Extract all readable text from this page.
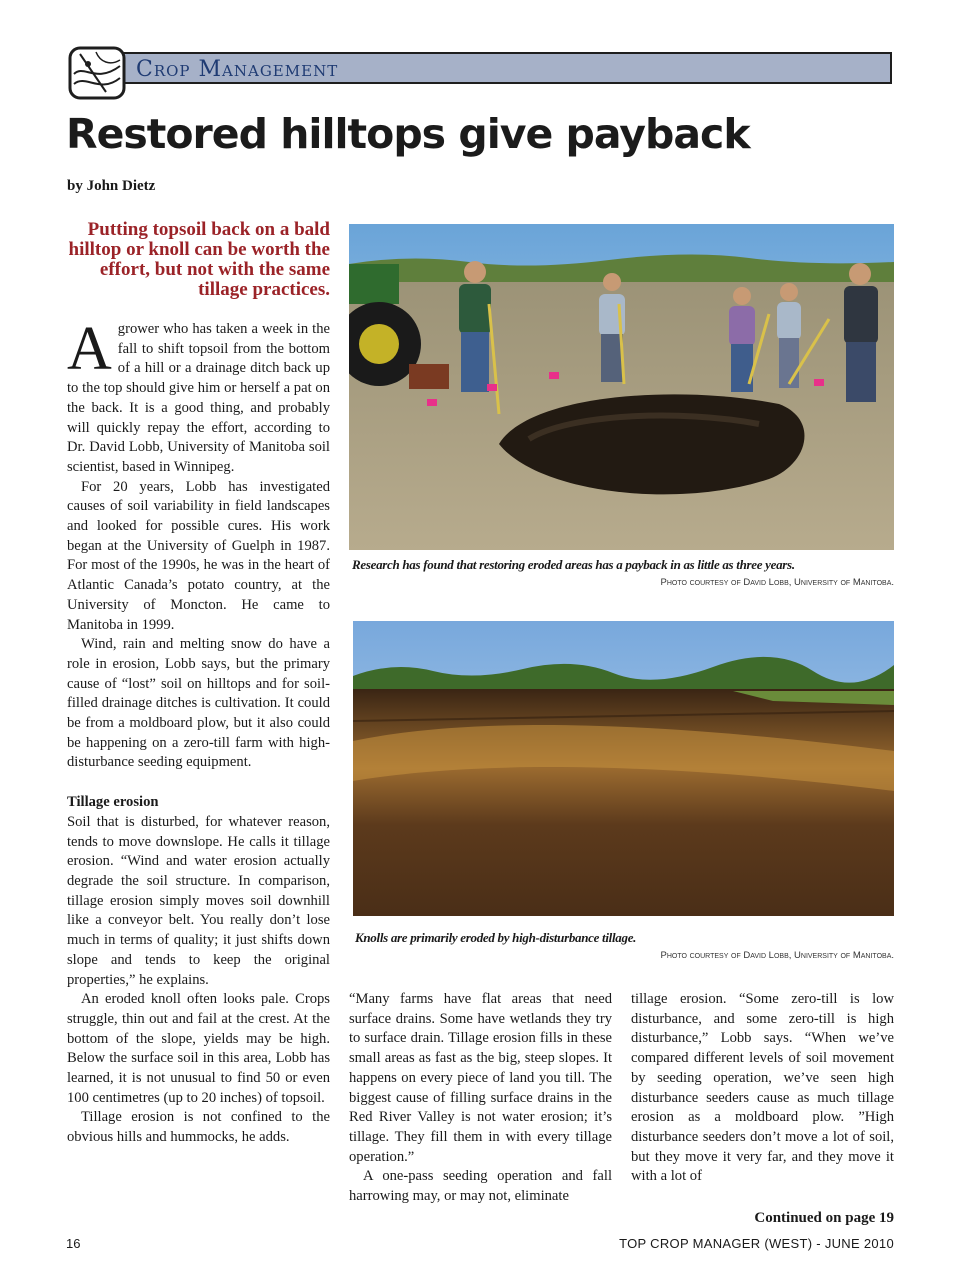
Crop Management
Restored hilltops give payback
by John Dietz
Putting topsoil back on a bald hilltop or knoll can be worth the effort, but not with the same tillage practices.

Agrower who has taken a week in the fall to shift topsoil from the bottom of a hill or a drainage ditch back up to the top should give him or herself a pat on the back. It is a good thing, and probably will quickly repay the effort, according to Dr. David Lobb, University of Manitoba soil scientist, based in Winnipeg.

For 20 years, Lobb has investigated causes of soil variability in field landscapes and looked for possible cures. His work began at the University of Guelph in 1987. For most of the 1990s, he was in the heart of Atlantic Canada’s potato country, at the University of Moncton. He came to Manitoba in 1999.

Wind, rain and melting snow do have a role in erosion, Lobb says, but the primary cause of “lost” soil on hilltops and for soil-filled drainage ditches is cultivation. It could be from a moldboard plow, but it also could be happening on a zero-till farm with high-disturbance seeding equipment.

Tillage erosion

Soil that is disturbed, for whatever reason, tends to move downslope. He calls it tillage erosion. “Wind and water erosion actually degrade the soil structure. In comparison, tillage erosion simply moves soil downhill like a conveyor belt. You really don’t lose much in terms of quality; it just shifts down slope and tends to keep the original properties,” he explains.

An eroded knoll often looks pale. Crops struggle, thin out and fail at the crest. At the bottom of the slope, yields may be high. Below the surface soil in this area, Lobb has learned, it is not unusual to find 50 or even 100 centimetres (up to 20 inches) of topsoil.

Tillage erosion is not confined to the obvious hills and hummocks, he adds.

Research has found that restoring eroded areas has a payback in as little as three years.
Photo courtesy of David Lobb, University of Manitoba.
Knolls are primarily eroded by high-disturbance tillage.
Photo courtesy of David Lobb, University of Manitoba.

“Many farms have flat areas that need surface drains. Some have wetlands they try to surface drain. Tillage erosion fills in these small areas as fast as the big, steep slopes. It happens on every piece of land you till. The biggest cause of filling surface drains in the Red River Valley is not water erosion; it’s tillage. They fill them in with every tillage operation.”

A one-pass seeding operation and fall harrowing may, or may not, eliminate

tillage erosion. “Some zero-till is low disturbance, and some zero-till is high disturbance,” Lobb says. “When we’ve compared different levels of soil movement by seeding operation, we’ve seen high disturbance seeders cause as much tillage erosion as a moldboard plow. ”High disturbance seeders don’t move a lot of soil, but they move it very far, and they move it with a lot of

Continued on page 19
16	TOP CROP MANAGER (WEST) - JUNE 2010
